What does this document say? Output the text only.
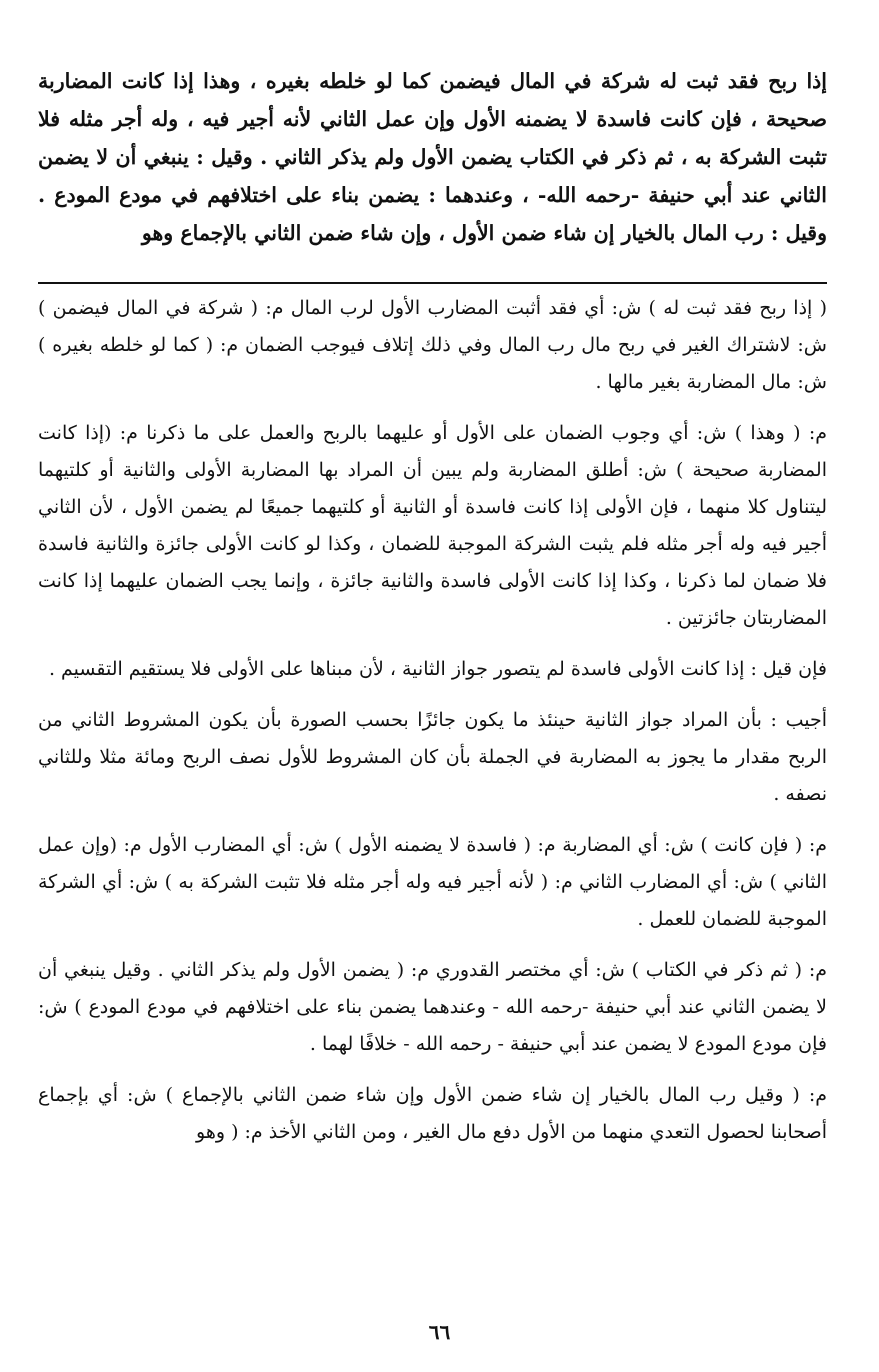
إذا ربح فقد ثبت له شركة في المال فيضمن كما لو خلطه بغيره ، وهذا إذا كانت المضاربة صحيحة ، فإن كانت فاسدة لا يضمنه الأول وإن عمل الثاني لأنه أجير فيه ، وله أجر مثله فلا تثبت الشركة به ، ثم ذكر في الكتاب يضمن الأول ولم يذكر الثاني . وقيل : ينبغي أن لا يضمن الثاني عند أبي حنيفة -رحمه الله- ، وعندهما : يضمن بناء على اختلافهم في مودع المودع . وقيل : رب المال بالخيار إن شاء ضمن الأول ، وإن شاء ضمن الثاني بالإجماع وهو

( إذا ربح فقد ثبت له ) ش: أي فقد أثبت المضارب الأول لرب المال م: ( شركة في المال فيضمن ) ش: لاشتراك الغير في ربح مال رب المال وفي ذلك إتلاف فيوجب الضمان م: ( كما لو خلطه بغيره ) ش: مال المضاربة بغير مالها .

م: ( وهذا ) ش: أي وجوب الضمان على الأول أو عليهما بالربح والعمل على ما ذكرنا م: (إذا كانت المضاربة صحيحة ) ش: أطلق المضاربة ولم يبين أن المراد بها المضاربة الأولى والثانية أو كلتيهما ليتناول كلا منهما ، فإن الأولى إذا كانت فاسدة أو الثانية أو كلتيهما جميعًا لم يضمن الأول ، لأن الثاني أجير فيه وله أجر مثله فلم يثبت الشركة الموجبة للضمان ، وكذا لو كانت الأولى جائزة والثانية فاسدة فلا ضمان لما ذكرنا ، وكذا إذا كانت الأولى فاسدة والثانية جائزة ، وإنما يجب الضمان عليهما إذا كانت المضاربتان جائزتين .

فإن قيل : إذا كانت الأولى فاسدة لم يتصور جواز الثانية ، لأن مبناها على الأولى فلا يستقيم التقسيم .

أجيب : بأن المراد جواز الثانية حينئذ ما يكون جائزًا بحسب الصورة بأن يكون المشروط الثاني من الربح مقدار ما يجوز به المضاربة في الجملة بأن كان المشروط للأول نصف الربح ومائة مثلا وللثاني نصفه .

م: ( فإن كانت ) ش: أي المضاربة م: ( فاسدة لا يضمنه الأول ) ش: أي المضارب الأول م: (وإن عمل الثاني ) ش: أي المضارب الثاني م: ( لأنه أجير فيه وله أجر مثله فلا تثبت الشركة به ) ش: أي الشركة الموجبة للضمان للعمل .

م: ( ثم ذكر في الكتاب ) ش: أي مختصر القدوري م: ( يضمن الأول ولم يذكر الثاني . وقيل ينبغي أن لا يضمن الثاني عند أبي حنيفة -رحمه الله - وعندهما يضمن بناء على اختلافهم في مودع المودع ) ش: فإن مودع المودع لا يضمن عند أبي حنيفة - رحمه الله - خلافًا لهما .

م: ( وقيل رب المال بالخيار إن شاء ضمن الأول وإن شاء ضمن الثاني بالإجماع ) ش: أي بإجماع أصحابنا لحصول التعدي منهما من الأول دفع مال الغير ، ومن الثاني الأخذ م: ( وهو

٦٦
